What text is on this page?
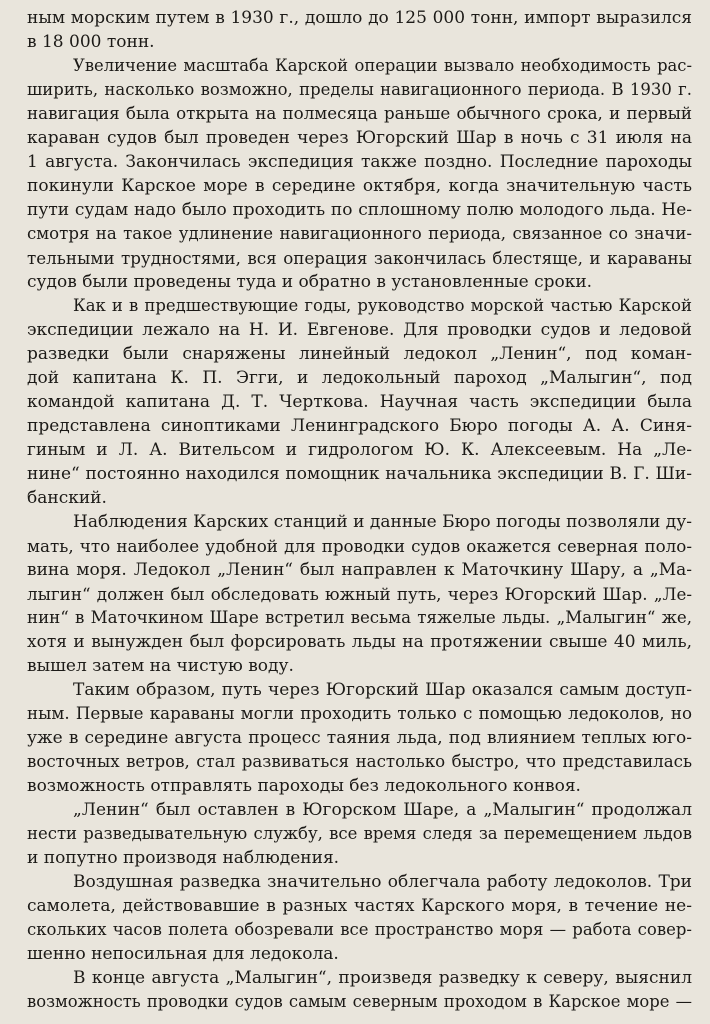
ным морским путем в 1930 г., дошло до 125 000 тонн, импорт выразился
в 18 000 тонн.
Увеличение масштаба Карской операции вызвало необходимость рас-
ширить, насколько возможно, пределы навигационного периода. В 1930 г.
навигация была открыта на полмесяца раньше обычного срока, и первый
караван судов был проведен через Югорский Шар в ночь с 31 июля на
1 августа. Закончилась экспедиция также поздно. Последние пароходы
покинули Карское море в середине октября, когда значительную часть
пути судам надо было проходить по сплошному полю молодого льда. Не-
смотря на такое удлинение навигационного периода, связанное со значи-
тельными трудностями, вся операция закончилась блестяще, и караваны
судов были проведены туда и обратно в установленные сроки.
Как и в предшествующие годы, руководство морской частью Карской
экспедиции лежало на Н. И. Евгенове. Для проводки судов и ледовой
разведки были снаряжены линейный ледокол „Ленин“, под коман-
дой капитана К. П. Эгги, и ледокольный пароход „Малыгин“, под
командой капитана Д. Т. Черткова. Научная часть экспедиции была
представлена синоптиками Ленинградского Бюро погоды А. А. Синя-
гиным и Л. А. Вительсом и гидрологом Ю. К. Алексеевым. На „Ле-
нине“ постоянно находился помощник начальника экспедиции В. Г. Ши-
банский.
Наблюдения Карских станций и данные Бюро погоды позволяли ду-
мать, что наиболее удобной для проводки судов окажется северная поло-
вина моря. Ледокол „Ленин“ был направлен к Маточкину Шару, а „Ма-
лыгин“ должен был обследовать южный путь, через Югорский Шар. „Ле-
нин“ в Маточкином Шаре встретил весьма тяжелые льды. „Малыгин“ же,
хотя и вынужден был форсировать льды на протяжении свыше 40 миль,
вышел затем на чистую воду.
Таким образом, путь через Югорский Шар оказался самым доступ-
ным. Первые караваны могли проходить только с помощью ледоколов, но
уже в середине августа процесс таяния льда, под влиянием теплых юго-
восточных ветров, стал развиваться настолько быстро, что представилась
возможность отправлять пароходы без ледокольного конвоя.
„Ленин“ был оставлен в Югорском Шаре, а „Малыгин“ продолжал
нести разведывательную службу, все время следя за перемещением льдов
и попутно производя наблюдения.
Воздушная разведка значительно облегчала работу ледоколов. Три
самолета, действовавшие в разных частях Карского моря, в течение не-
скольких часов полета обозревали все пространство моря — работа совер-
шенно непосильная для ледокола.
В конце августа „Малыгин“, произведя разведку к северу, выяснил
возможность проводки судов самым северным проходом в Карское море —
